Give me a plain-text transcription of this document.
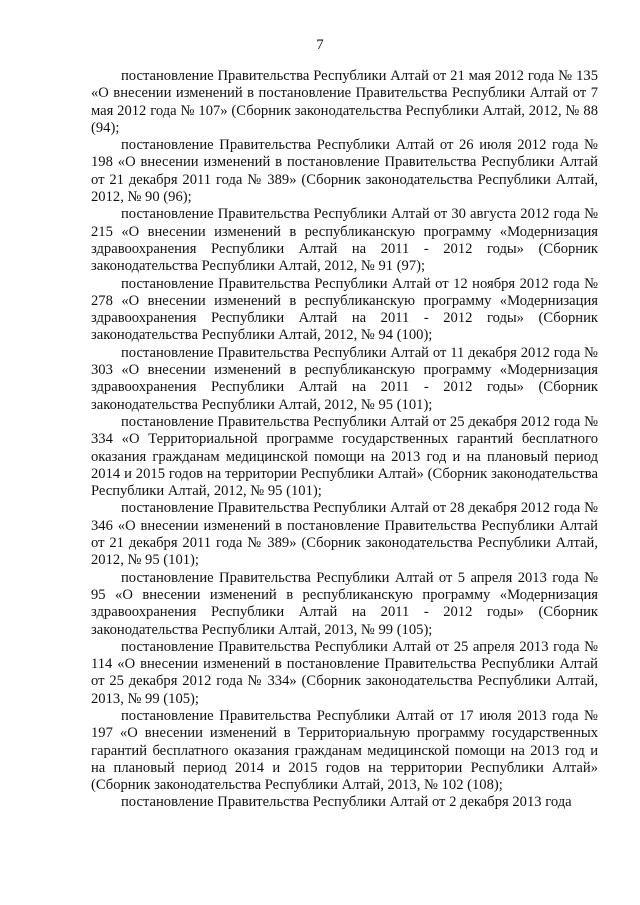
7

постановление Правительства Республики Алтай от 21 мая 2012 года № 135 «О внесении изменений в постановление Правительства Республики Алтай от 7 мая 2012 года № 107» (Сборник законодательства Республики Алтай, 2012, № 88 (94);

постановление Правительства Республики Алтай от 26 июля 2012 года № 198 «О внесении изменений в постановление Правительства Республики Алтай от 21 декабря 2011 года № 389» (Сборник законодательства Республики Алтай, 2012, № 90 (96);

постановление Правительства Республики Алтай от 30 августа 2012 года № 215 «О внесении изменений в республиканскую программу «Модернизация здравоохранения Республики Алтай на 2011 - 2012 годы» (Сборник законодательства Республики Алтай, 2012, № 91 (97);

постановление Правительства Республики Алтай от 12 ноября 2012 года № 278 «О внесении изменений в республиканскую программу «Модернизация здравоохранения Республики Алтай на 2011 - 2012 годы» (Сборник законодательства Республики Алтай, 2012, № 94 (100);

постановление Правительства Республики Алтай от 11 декабря 2012 года № 303 «О внесении изменений в республиканскую программу «Модернизация здравоохранения Республики Алтай на 2011 - 2012 годы» (Сборник законодательства Республики Алтай, 2012, № 95 (101);

постановление Правительства Республики Алтай от 25 декабря 2012 года № 334 «О Территориальной программе государственных гарантий бесплатного оказания гражданам медицинской помощи на 2013 год и на плановый период 2014 и 2015 годов на территории Республики Алтай» (Сборник законодательства Республики Алтай, 2012, № 95 (101);

постановление Правительства Республики Алтай от 28 декабря 2012 года № 346 «О внесении изменений в постановление Правительства Республики Алтай от 21 декабря 2011 года № 389» (Сборник законодательства Республики Алтай, 2012, № 95 (101);

постановление Правительства Республики Алтай от 5 апреля 2013 года № 95 «О внесении изменений в республиканскую программу «Модернизация здравоохранения Республики Алтай на 2011 - 2012 годы» (Сборник законодательства Республики Алтай, 2013, № 99 (105);

постановление Правительства Республики Алтай от 25 апреля 2013 года № 114 «О внесении изменений в постановление Правительства Республики Алтай от 25 декабря 2012 года № 334» (Сборник законодательства Республики Алтай, 2013, № 99 (105);

постановление Правительства Республики Алтай от 17 июля 2013 года № 197 «О внесении изменений в Территориальную программу государственных гарантий бесплатного оказания гражданам медицинской помощи на 2013 год и на плановый период 2014 и 2015 годов на территории Республики Алтай» (Сборник законодательства Республики Алтай, 2013, № 102 (108);

постановление Правительства Республики Алтай от 2 декабря 2013 года
